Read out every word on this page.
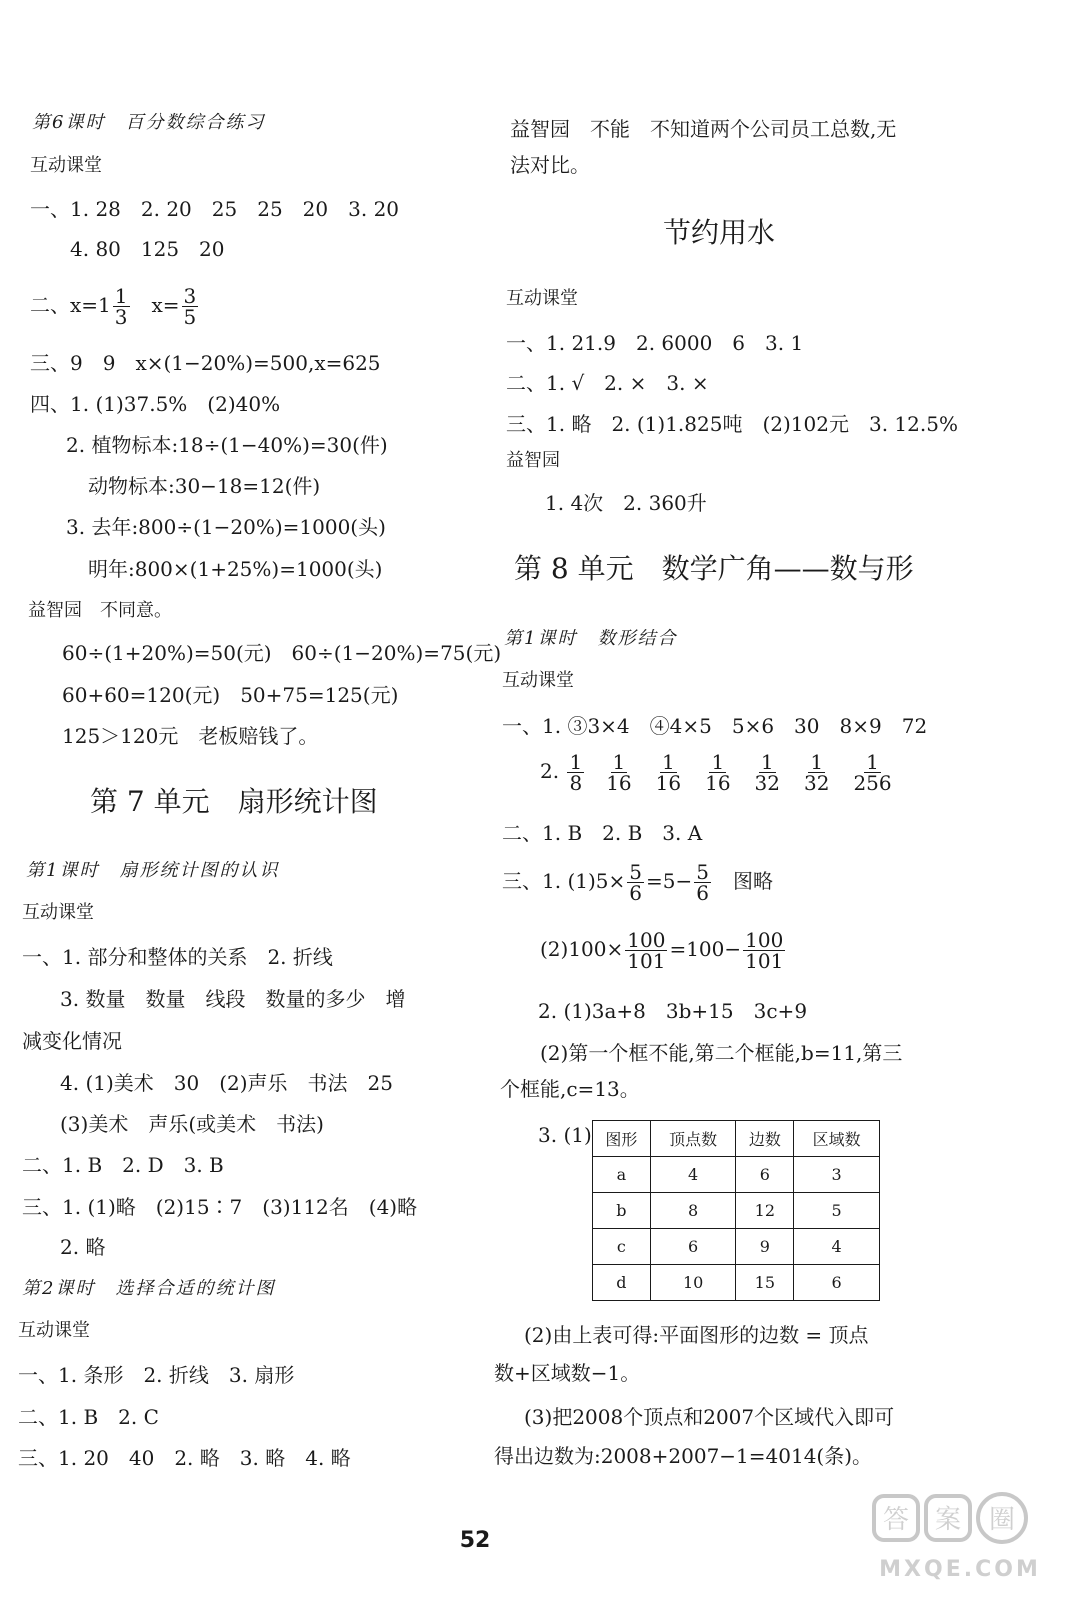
第6课时　百分数综合练习
互动课堂
一、1. 28　2. 20　25　25　20　3. 20
4. 80　125　20
二、$x=1 \frac{1}{3}$ 　$x= \frac{3}{5}$
三、9　9　x×(1−20%)=500,x=625
四、1. (1)37.5%　(2)40%
2. 植物标本:18÷(1−40%)=30(件)
动物标本:30−18=12(件)
3. 去年:800÷(1−20%)=1000(头)
明年:800×(1+25%)=1000(头)
益智园　不同意。
60÷(1+20%)=50(元)　60÷(1−20%)=75(元)
60+60=120(元)　50+75=125(元)
125＞120元　老板赔钱了。
第 7 单元　扇形统计图
第1课时　扇形统计图的认识
互动课堂
一、1. 部分和整体的关系　2. 折线
3. 数量　数量　线段　数量的多少　增
减变化情况
4. (1)美术　30　(2)声乐　书法　25
(3)美术　声乐(或美术　书法)
二、1. B　2. D　3. B
三、1. (1)略　(2)15∶7　(3)112名　(4)略
2. 略
第2课时　选择合适的统计图
互动课堂
一、1. 条形　2. 折线　3. 扇形
二、1. B　2. C
三、1. 20　40　2. 略　3. 略　4. 略
益智园　不能　不知道两个公司员工总数,无
法对比。
节约用水
互动课堂
一、1. 21.9　2. 6000　6　3. 1
二、1. √　2. ×　3. ×
三、1. 略　2. (1)1.825吨　(2)102元　3. 12.5%
益智园
1. 4次　2. 360升
第 8 单元　数学广角——数与形
第1课时　数形结合
互动课堂
一、1. ③3×4　④4×5　5×6　30　8×9　72
2. $\frac{1}{8} \frac{1}{16} \frac{1}{16} \frac{1}{16} \frac{1}{32} \frac{1}{32} \frac{1}{256}$
二、1. B　2. B　3. A
三、1. $(1)5\times \frac{5}{6} =5- \frac{5}{6}$ 　图略
$(2)100\times \frac{100}{101} =100- \frac{100}{101}$
2. (1)3a+8　3b+15　3c+9
(2)第一个框不能,第二个框能,b=11,第三
个框能,c=13。
3. (1) 图形	顶点数	边数	区域数
a	4	6	3
b	8	12	5
c	6	9	4
d	10	15	6
(2)由上表可得:平面图形的边数 = 顶点
数+区域数−1。
(3)把2008个顶点和2007个区域代入即可
得出边数为:2008+2007−1=4014(条)。
52
答 案 圈
MXQE.COM
